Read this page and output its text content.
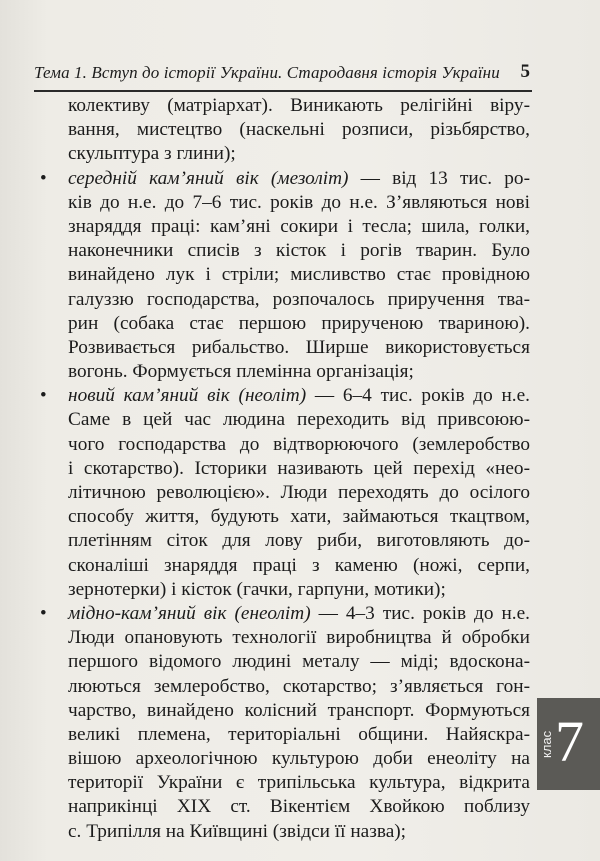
Тема 1. Вступ до історії України. Стародавня історія України 5
колективу (матріархат). Виникають релігійні віру-
вання, мистецтво (наскельні розписи, різьбярство,
скульптура з глини);
• середній кам’яний вік (мезоліт) — від 13 тис. ро-
ків до н.е. до 7–6 тис. років до н.е. З’являються нові
знаряддя праці: кам’яні сокири і тесла; шила, голки,
наконечники списів з кісток і рогів тварин. Було
винайдено лук і стріли; мисливство стає провідною
галуззю господарства, розпочалось приручення тва-
рин (собака стає першою прирученою твариною).
Розвивається рибальство. Ширше використовується
вогонь. Формується племінна організація;
• новий кам’яний вік (неоліт) — 6–4 тис. років до н.е.
Саме в цей час людина переходить від привсоюю-
чого господарства до відтворюючого (землеробство
і скотарство). Історики називають цей перехід «нео-
літичною революцією». Люди переходять до осілого
способу життя, будують хати, займаються ткацтвом,
плетінням сіток для лову риби, виготовляють до-
сконаліші знаряддя праці з каменю (ножі, серпи,
зернотерки) і кісток (гачки, гарпуни, мотики);
• мідно-кам’яний вік (енеоліт) — 4–3 тис. років до н.е.
Люди опановують технології виробництва й обробки
першого відомого людині металу — міді; вдоскона-
люються землеробство, скотарство; з’являється гон-
чарство, винайдено колісний транспорт. Формуються
великі племена, територіальні общини. Найяскра-
вішою археологічною культурою доби енеоліту на
території України є трипільська культура, відкрита
наприкінці XIX ст. Вікентієм Хвойкою поблизу
с. Трипілля на Київщині (звідси її назва);
клас 7
